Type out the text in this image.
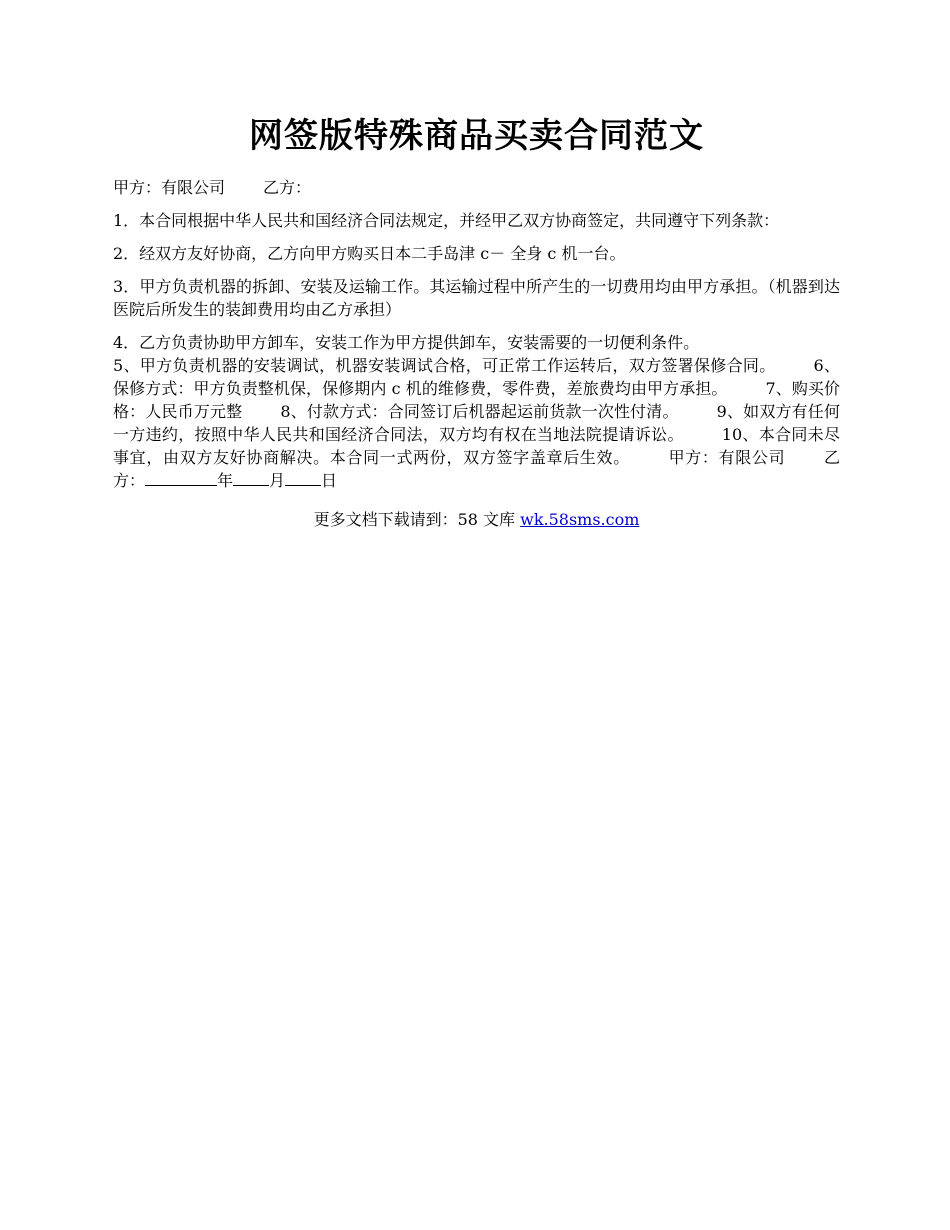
网签版特殊商品买卖合同范文

甲方：有限公司 乙方：

1．本合同根据中华人民共和国经济合同法规定，并经甲乙双方协商签定，共同遵守下列条款：

2．经双方友好协商，乙方向甲方购买日本二手岛津 c－ 全身 c 机一台。

3．甲方负责机器的拆卸、安装及运输工作。其运输过程中所产生的一切费用均由甲方承担。（机器到达医院后所发生的装卸费用均由乙方承担）

4．乙方负责协助甲方卸车，安装工作为甲方提供卸车，安装需要的一切便利条件。

5、甲方负责机器的安装调试，机器安装调试合格，可正常工作运转后，双方签署保修合同。 6、保修方式：甲方负责整机保，保修期内 c 机的维修费，零件费，差旅费均由甲方承担。 7、购买价格：人民币万元整 8、付款方式：合同签订后机器起运前货款一次性付清。 9、如双方有任何一方违约，按照中华人民共和国经济合同法，双方均有权在当地法院提请诉讼。 10、本合同未尽事宜，由双方友好协商解决。本合同一式两份，双方签字盖章后生效。 甲方：有限公司 乙方：	年 月 日

更多文档下载请到：58 文库 wk.58sms.com
